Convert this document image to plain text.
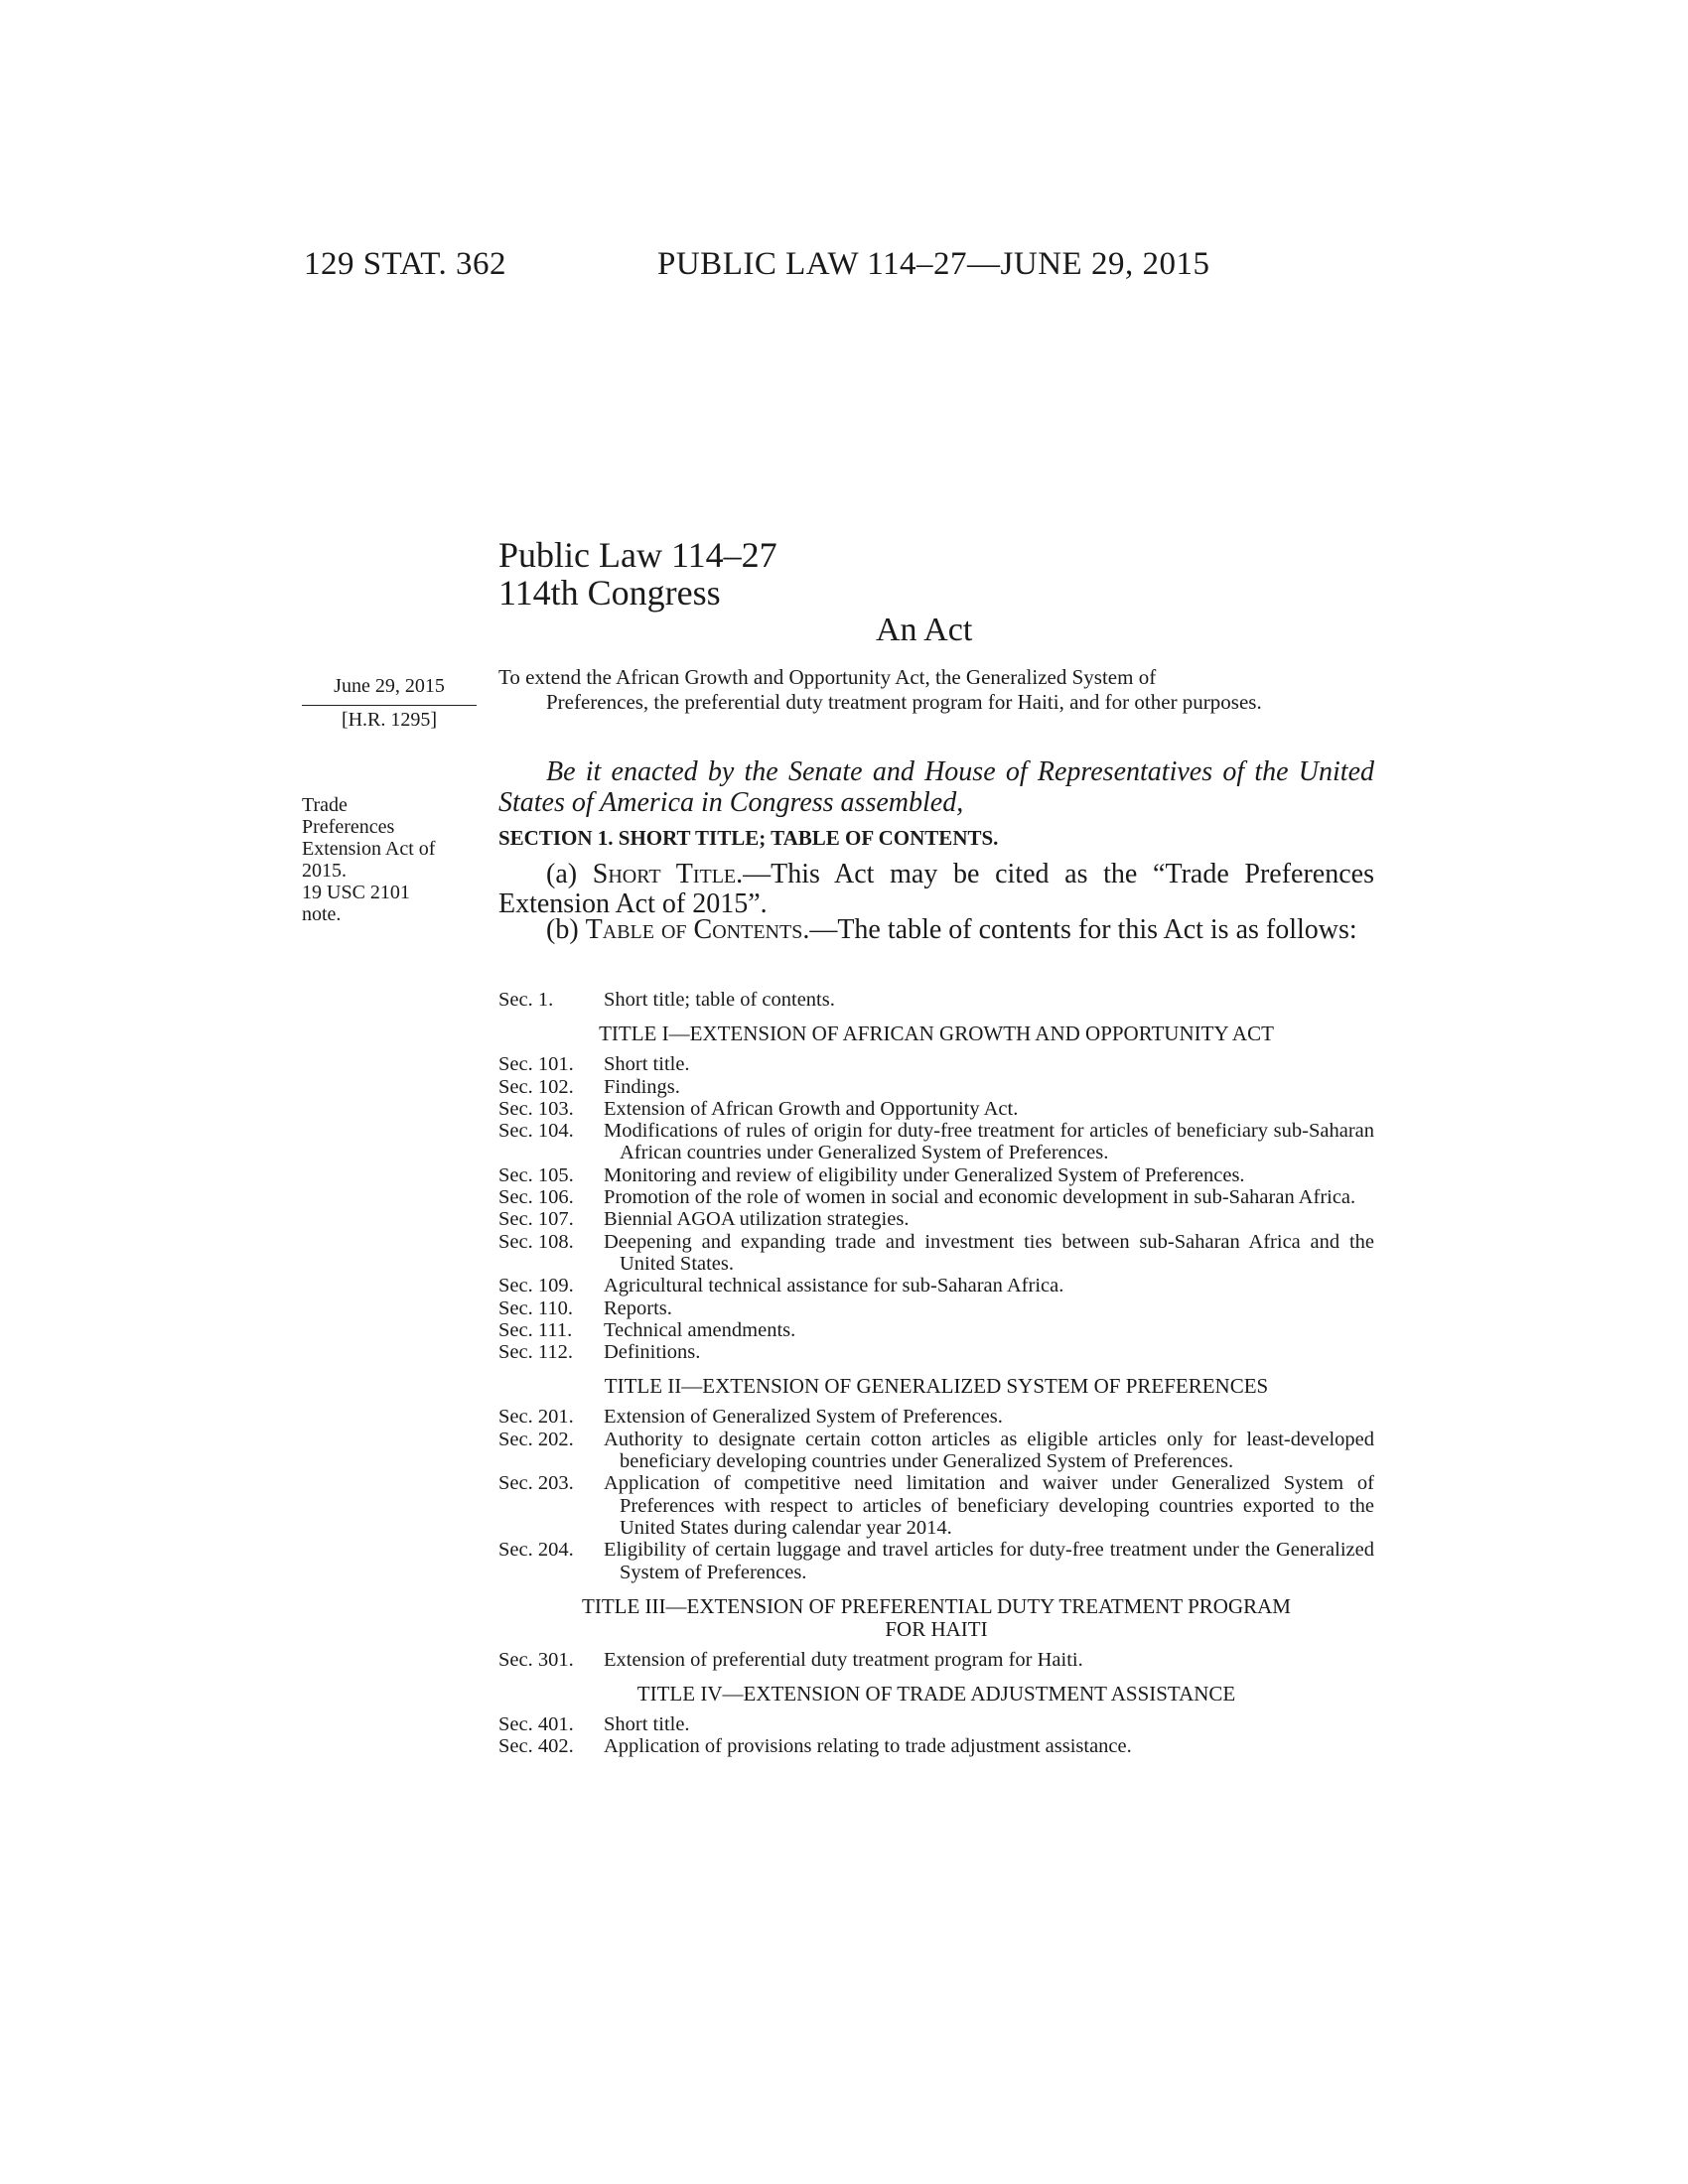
129 STAT. 362	PUBLIC LAW 114–27—JUNE 29, 2015
Public Law 114–27
114th Congress
An Act
June 29, 2015
[H.R. 1295]
Trade
Preferences
Extension Act of
2015.
19 USC 2101
note.
To extend the African Growth and Opportunity Act, the Generalized System of
Preferences, the preferential duty treatment program for Haiti, and for other purposes.
Be it enacted by the Senate and House of Representatives of the United States of America in Congress assembled,
SECTION 1. SHORT TITLE; TABLE OF CONTENTS.
(a) Short Title.—This Act may be cited as the “Trade Preferences Extension Act of 2015”.
(b) Table of Contents.—The table of contents for this Act is as follows:
Sec. 1.	Short title; table of contents.
TITLE I—EXTENSION OF AFRICAN GROWTH AND OPPORTUNITY ACT
Sec. 101.	Short title.
Sec. 102.	Findings.
Sec. 103.	Extension of African Growth and Opportunity Act.
Sec. 104.	Modifications of rules of origin for duty-free treatment for articles of beneficiary sub-Saharan African countries under Generalized System of Preferences.
Sec. 105.	Monitoring and review of eligibility under Generalized System of Preferences.
Sec. 106.	Promotion of the role of women in social and economic development in sub-Saharan Africa.
Sec. 107.	Biennial AGOA utilization strategies.
Sec. 108.	Deepening and expanding trade and investment ties between sub-Saharan Africa and the United States.
Sec. 109.	Agricultural technical assistance for sub-Saharan Africa.
Sec. 110.	Reports.
Sec. 111.	Technical amendments.
Sec. 112.	Definitions.
TITLE II—EXTENSION OF GENERALIZED SYSTEM OF PREFERENCES
Sec. 201.	Extension of Generalized System of Preferences.
Sec. 202.	Authority to designate certain cotton articles as eligible articles only for least-developed beneficiary developing countries under Generalized System of Preferences.
Sec. 203.	Application of competitive need limitation and waiver under Generalized System of Preferences with respect to articles of beneficiary developing countries exported to the United States during calendar year 2014.
Sec. 204.	Eligibility of certain luggage and travel articles for duty-free treatment under the Generalized System of Preferences.
TITLE III—EXTENSION OF PREFERENTIAL DUTY TREATMENT PROGRAM
FOR HAITI
Sec. 301.	Extension of preferential duty treatment program for Haiti.
TITLE IV—EXTENSION OF TRADE ADJUSTMENT ASSISTANCE
Sec. 401.	Short title.
Sec. 402.	Application of provisions relating to trade adjustment assistance.
